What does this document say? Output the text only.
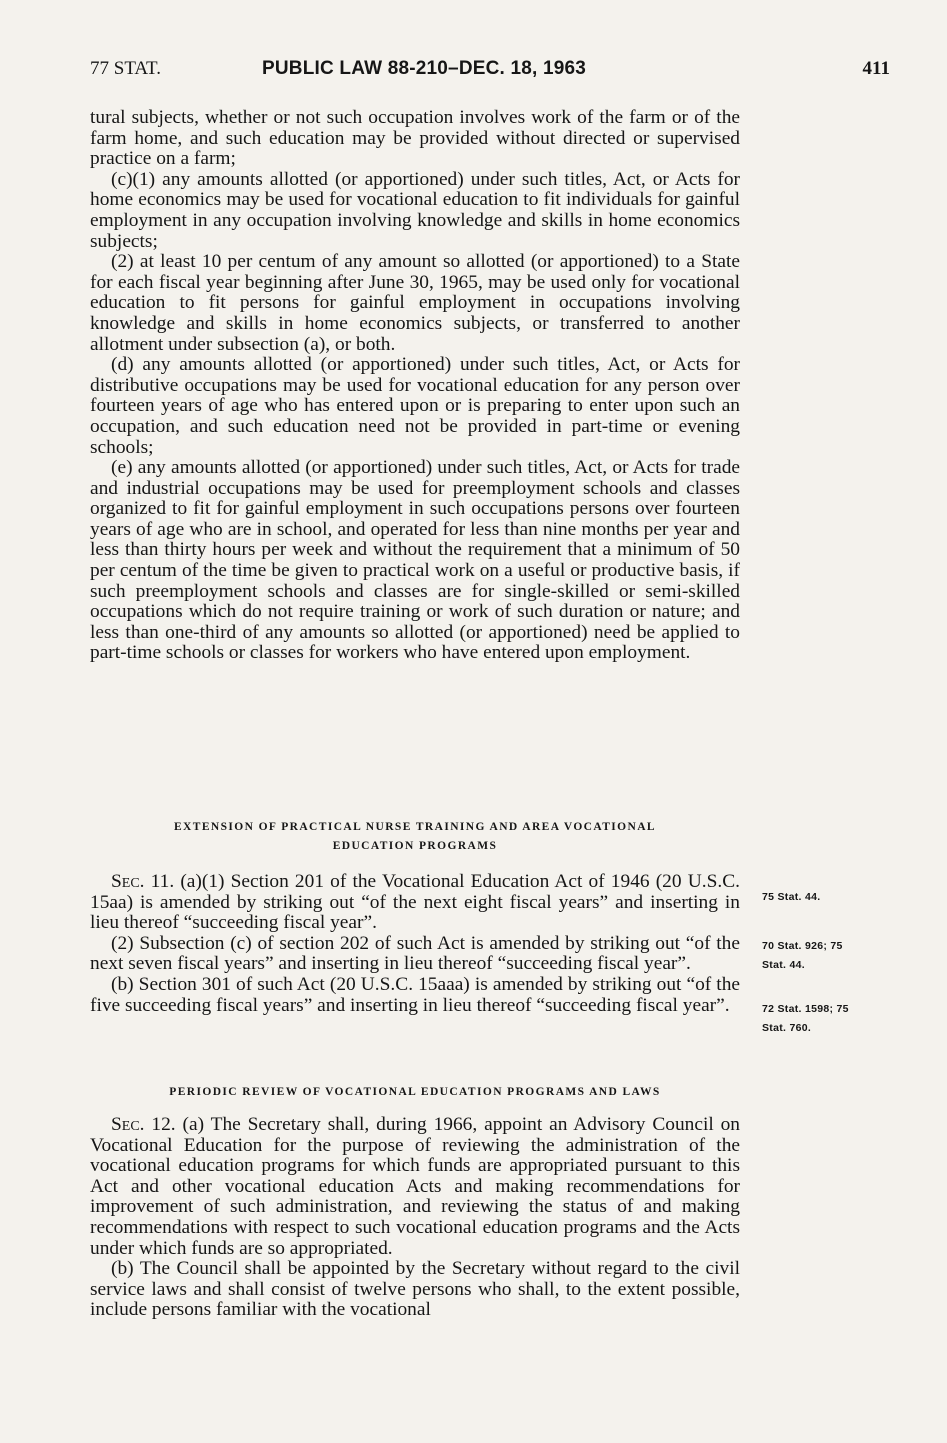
77 STAT.	PUBLIC LAW 88-210–DEC. 18, 1963	411

tural subjects, whether or not such occupation involves work of the farm or of the farm home, and such education may be provided without directed or supervised practice on a farm;

(c)(1) any amounts allotted (or apportioned) under such titles, Act, or Acts for home economics may be used for vocational education to fit individuals for gainful employment in any occupation involving knowledge and skills in home economics subjects;

(2) at least 10 per centum of any amount so allotted (or apportioned) to a State for each fiscal year beginning after June 30, 1965, may be used only for vocational education to fit persons for gainful employment in occupations involving knowledge and skills in home economics subjects, or transferred to another allotment under subsection (a), or both.

(d) any amounts allotted (or apportioned) under such titles, Act, or Acts for distributive occupations may be used for vocational education for any person over fourteen years of age who has entered upon or is preparing to enter upon such an occupation, and such education need not be provided in part-time or evening schools;

(e) any amounts allotted (or apportioned) under such titles, Act, or Acts for trade and industrial occupations may be used for preemployment schools and classes organized to fit for gainful employment in such occupations persons over fourteen years of age who are in school, and operated for less than nine months per year and less than thirty hours per week and without the requirement that a minimum of 50 per centum of the time be given to practical work on a useful or productive basis, if such preemployment schools and classes are for single-skilled or semi-skilled occupations which do not require training or work of such duration or nature; and less than one-third of any amounts so allotted (or apportioned) need be applied to part-time schools or classes for workers who have entered upon employment.

EXTENSION OF PRACTICAL NURSE TRAINING AND AREA VOCATIONAL
EDUCATION PROGRAMS

Sec. 11. (a)(1) Section 201 of the Vocational Education Act of 1946 (20 U.S.C. 15aa) is amended by striking out “of the next eight fiscal years” and inserting in lieu thereof “succeeding fiscal year”.

(2) Subsection (c) of section 202 of such Act is amended by striking out “of the next seven fiscal years” and inserting in lieu thereof “succeeding fiscal year”.

(b) Section 301 of such Act (20 U.S.C. 15aaa) is amended by striking out “of the five succeeding fiscal years” and inserting in lieu thereof “succeeding fiscal year”.

PERIODIC REVIEW OF VOCATIONAL EDUCATION PROGRAMS AND LAWS

Sec. 12. (a) The Secretary shall, during 1966, appoint an Advisory Council on Vocational Education for the purpose of reviewing the administration of the vocational education programs for which funds are appropriated pursuant to this Act and other vocational education Acts and making recommendations for improvement of such administration, and reviewing the status of and making recommendations with respect to such vocational education programs and the Acts under which funds are so appropriated.

(b) The Council shall be appointed by the Secretary without regard to the civil service laws and shall consist of twelve persons who shall, to the extent possible, include persons familiar with the vocational

75 Stat. 44.
70 Stat. 926; 75
Stat. 44.
72 Stat. 1598; 75
Stat. 760.
